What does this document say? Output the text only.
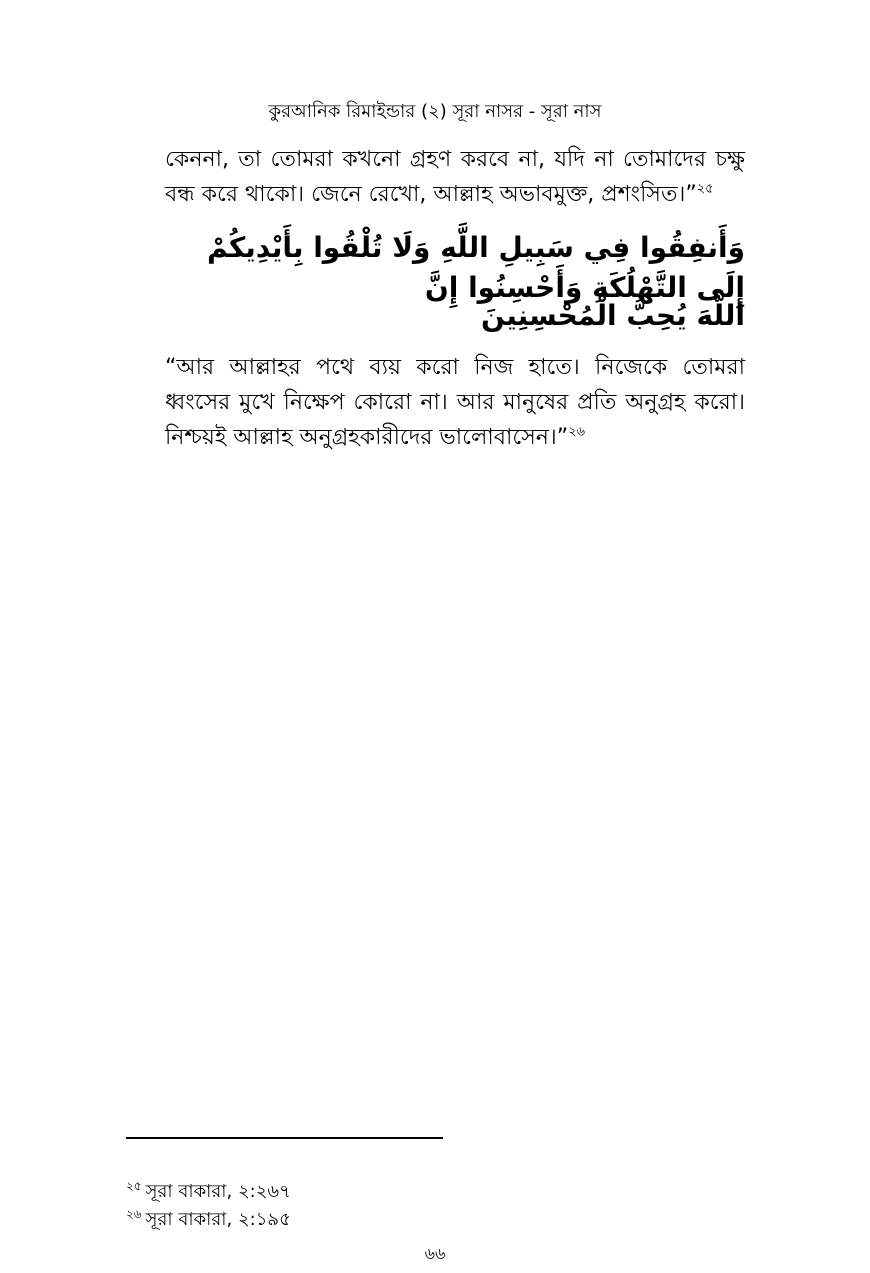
কুরআনিক রিমাইন্ডার (২) সূরা নাসর - সূরা নাস

কেননা, তা তোমরা কখনো গ্রহণ করবে না, যদি না তোমাদের চক্ষু বন্ধ করে থাকো। জেনে রেখো, আল্লাহ অভাবমুক্ত, প্রশংসিত।”$^{২৫}$

وَأَنفِقُوا فِي سَبِيلِ اللَّهِ وَلَا تُلْقُوا بِأَيْدِيكُمْ إِلَى التَّهْلُكَةِ وَأَحْسِنُوا إِنَّ
اللَّهَ يُحِبُّ الْمُحْسِنِينَ

“আর আল্লাহর পথে ব্যয় করো নিজ হাতে। নিজেকে তোমরা ধ্বংসের মুখে নিক্ষেপ কোরো না। আর মানুষের প্রতি অনুগ্রহ করো। নিশ্চয়ই আল্লাহ অনুগ্রহকারীদের ভালোবাসেন।”$^{২৬}$

$^{২৫}$ সূরা বাকারা, ২:২৬৭
$^{২৬}$ সূরা বাকারা, ২:১৯৫
৬৬
